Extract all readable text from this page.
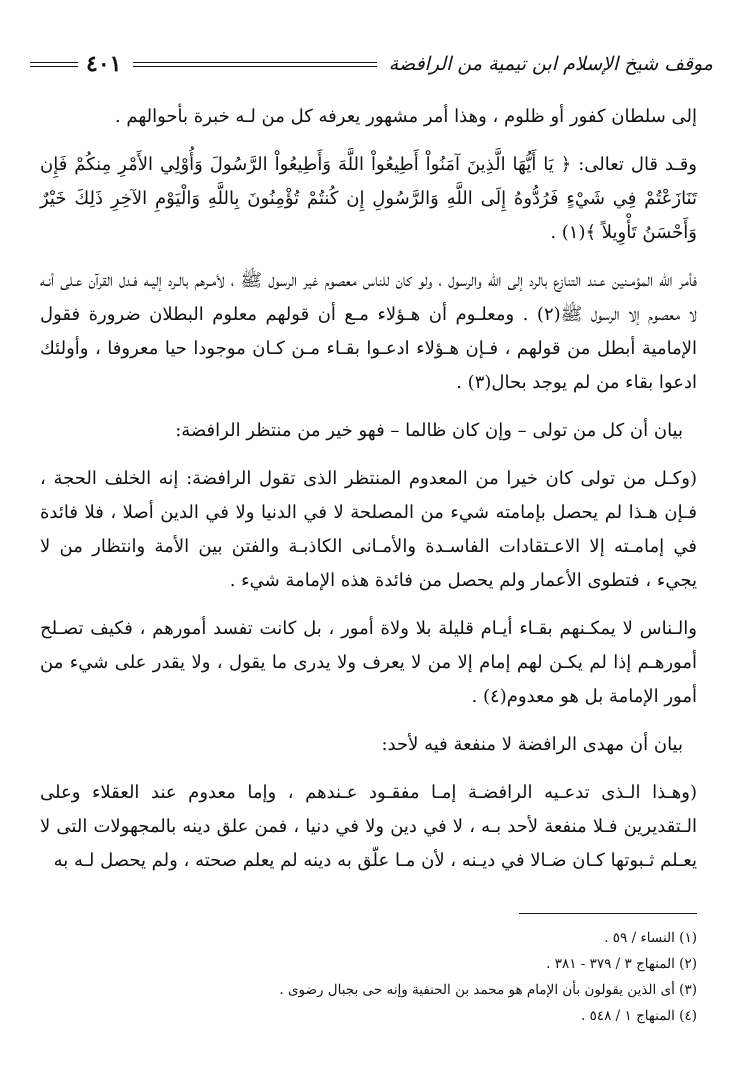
موقف شيخ الإسلام ابن تيمية من الرافضة
٤٠١

إلى سلطان كفور أو ظلوم ، وهذا أمر مشهور يعرفه كل من لـه خبرة بأحوالهم .

وقـد قال تعالى: ﴿ يَا أَيُّهَا الَّذِينَ آمَنُواْ أَطِيعُواْ اللَّهَ وَأَطِيعُواْ الرَّسُولَ وَأُوْلِي الأَمْرِ مِنكُمْ فَإِن تَنَازَعْتُمْ فِي شَيْءٍ فَرُدُّوهُ إِلَى اللَّهِ وَالرَّسُولِ إِن كُنتُمْ تُؤْمِنُونَ بِاللَّهِ وَالْيَوْمِ الآخِرِ ذَلِكَ خَيْرٌ وَأَحْسَنُ تَأْوِيلاً ﴾(١) .

فأمر الله المؤمـنين عـند التنازع بالرد إلى الله والرسول ، ولو كان للناس معصوم غير الرسول ﷺ ، لأمـرهم بالـرد إليـه فـدل القرآن عـلى أنـه لا معصوم إلا الرسول ﷺ(٢) . ومعلـوم أن هـؤلاء مـع أن قولهم معلوم البطلان ضرورة فقول الإمامية أبطل من قولهم ، فـإن هـؤلاء ادعـوا بقـاء مـن كـان موجودا حيا معروفا ، وأولئك ادعوا بقاء من لم يوجد بحال(٣) .

بيان أن كل من تولى – وإن كان ظالما – فهو خير من منتظر الرافضة:

(وكـل من تولى كان خيرا من المعدوم المنتظر الذى تقول الرافضة: إنه الخلف الحجة ، فـإن هـذا لم يحصل بإمامته شيء من المصلحة لا في الدنيا ولا في الدين أصلا ، فلا فائدة في إمامـته إلا الاعـتقادات الفاسـدة والأمـانى الكاذبـة والفتن بين الأمة وانتظار من لا يجيء ، فتطوى الأعمار ولم يحصل من فائدة هذه الإمامة شيء .

والـناس لا يمكـنهم بقـاء أيـام قليلة بلا ولاة أمور ، بل كانت تفسد أمورهم ، فكيف تصـلح أمورهـم إذا لم يكـن لهم إمام إلا من لا يعرف ولا يدرى ما يقول ، ولا يقدر على شيء من أمور الإمامة بل هو معدوم(٤) .

بيان أن مهدى الرافضة لا منفعة فيه لأحد:

(وهـذا الـذى تدعـيه الرافضـة إمـا مفقـود عـندهم ، وإما معدوم عند العقلاء وعلى الـتقديرين فـلا منفعة لأحد بـه ، لا في دين ولا في دنيا ، فمن علق دينه بالمجهولات التى لا يعـلم ثـبوتها كـان ضـالا في ديـنه ، لأن مـا علّق به دينه لم يعلم صحته ، ولم يحصل لـه به

(١) النساء / ٥٩ .

(٢) المنهاج ٣ / ٣٧٩ - ٣٨١ .

(٣) أى الذين يقولون بأن الإمام هو محمد بن الحنفية وإنه حى بجبال رضوى .

(٤) المنهاج ١ / ٥٤٨ .
